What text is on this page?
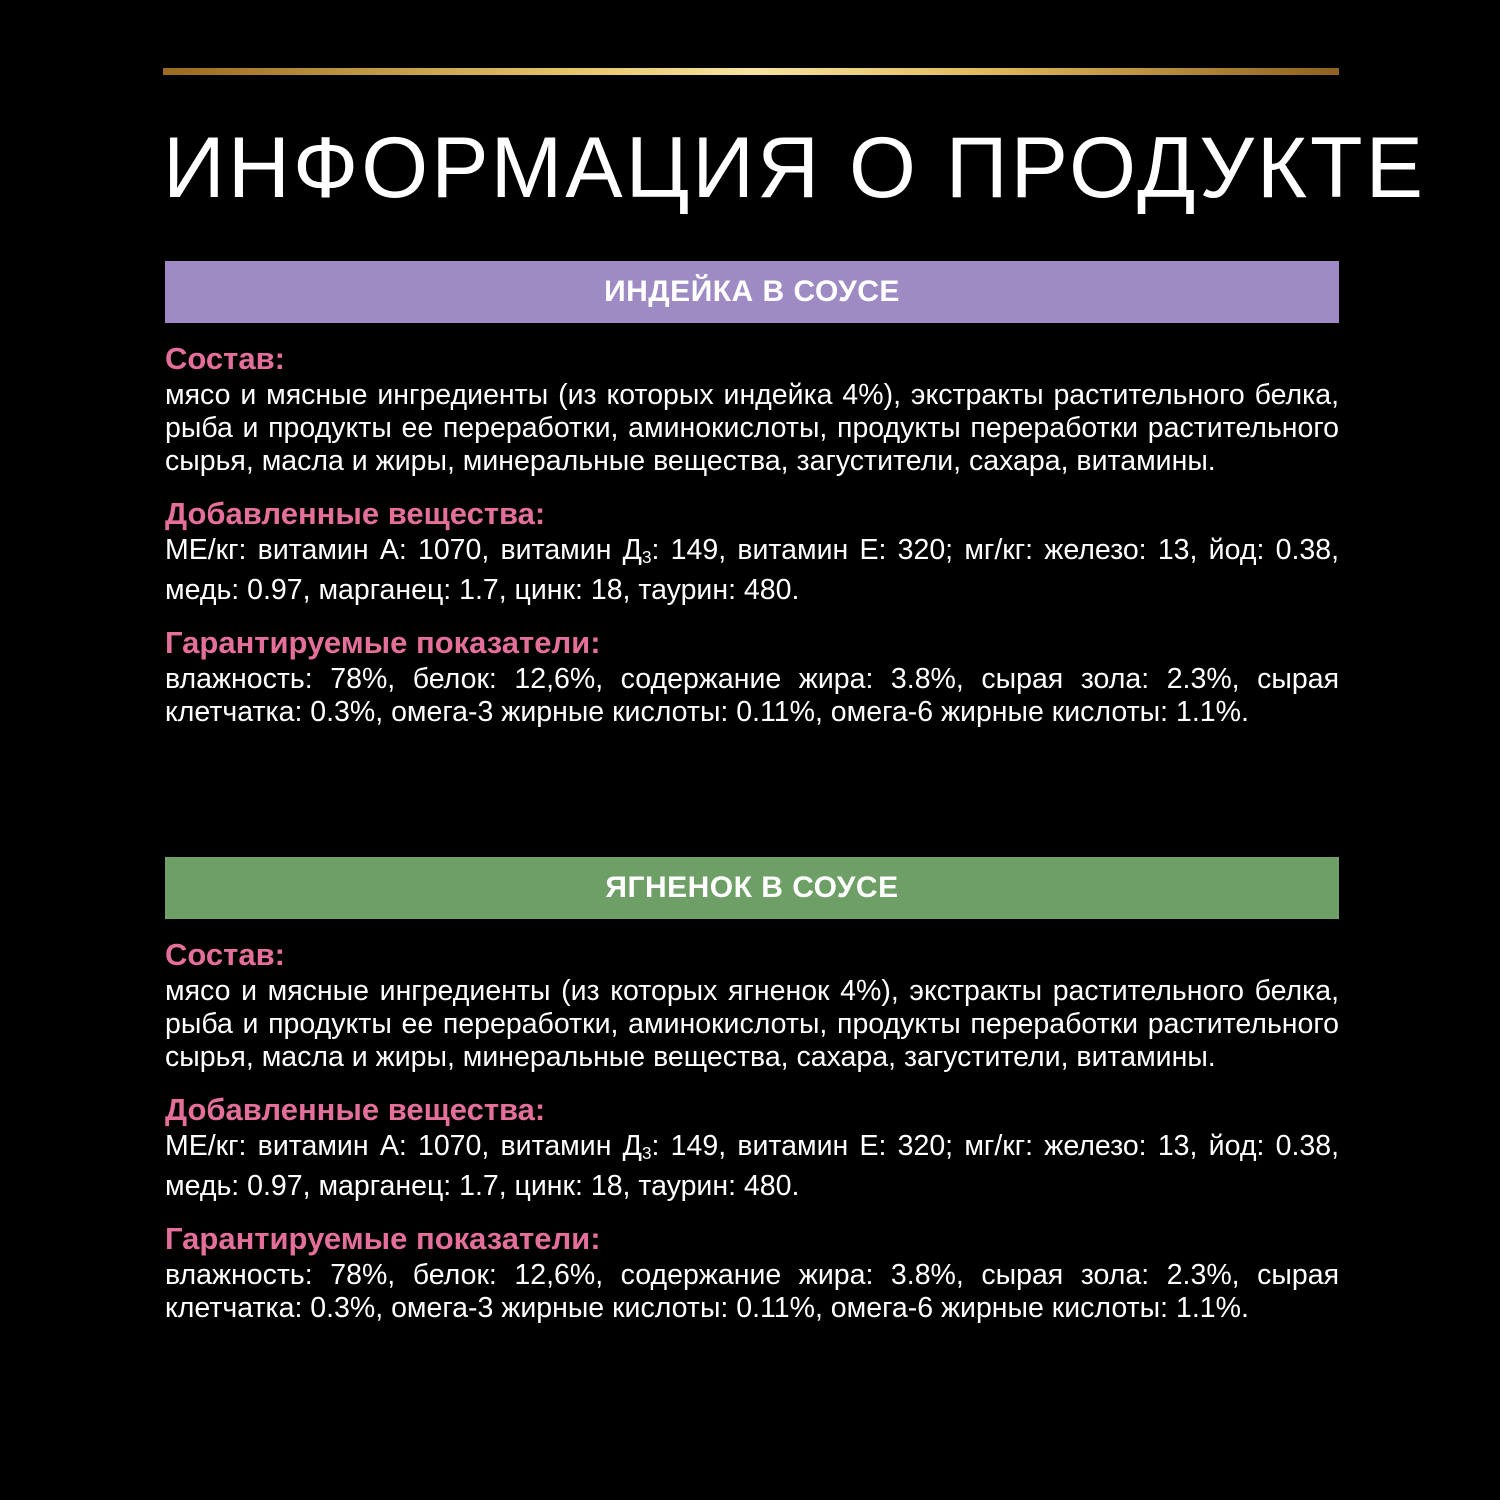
ИНФОРМАЦИЯ О ПРОДУКТЕ
ИНДЕЙКА В СОУСЕ

Состав:

мясо и мясные ингредиенты (из которых индейка 4%), экстракты растительного белка, рыба и продукты ее переработки, аминокислоты, продукты переработки растительного сырья, масла и жиры, минеральные вещества, загустители, сахара, витамины.

Добавленные вещества:

МЕ/кг: витамин А: 1070, витамин $Д_3$: 149, витамин Е: 320; мг/кг: железо: 13, йод: 0.38, медь: 0.97, марганец: 1.7, цинк: 18, таурин: 480.

Гарантируемые показатели:

влажность: 78%, белок: 12,6%, содержание жира: 3.8%, сырая зола: 2.3%, сырая клетчатка: 0.3%, омега-3 жирные кислоты: 0.11%, омега-6 жирные кислоты: 1.1%.

ЯГНЕНОК В СОУСЕ

Состав:

мясо и мясные ингредиенты (из которых ягненок 4%), экстракты растительного белка, рыба и продукты ее переработки, аминокислоты, продукты переработки растительного сырья, масла и жиры, минеральные вещества, сахара, загустители, витамины.

Добавленные вещества:

МЕ/кг: витамин А: 1070, витамин $Д_3$: 149, витамин Е: 320; мг/кг: железо: 13, йод: 0.38, медь: 0.97, марганец: 1.7, цинк: 18, таурин: 480.

Гарантируемые показатели:

влажность: 78%, белок: 12,6%, содержание жира: 3.8%, сырая зола: 2.3%, сырая клетчатка: 0.3%, омега-3 жирные кислоты: 0.11%, омега-6 жирные кислоты: 1.1%.
